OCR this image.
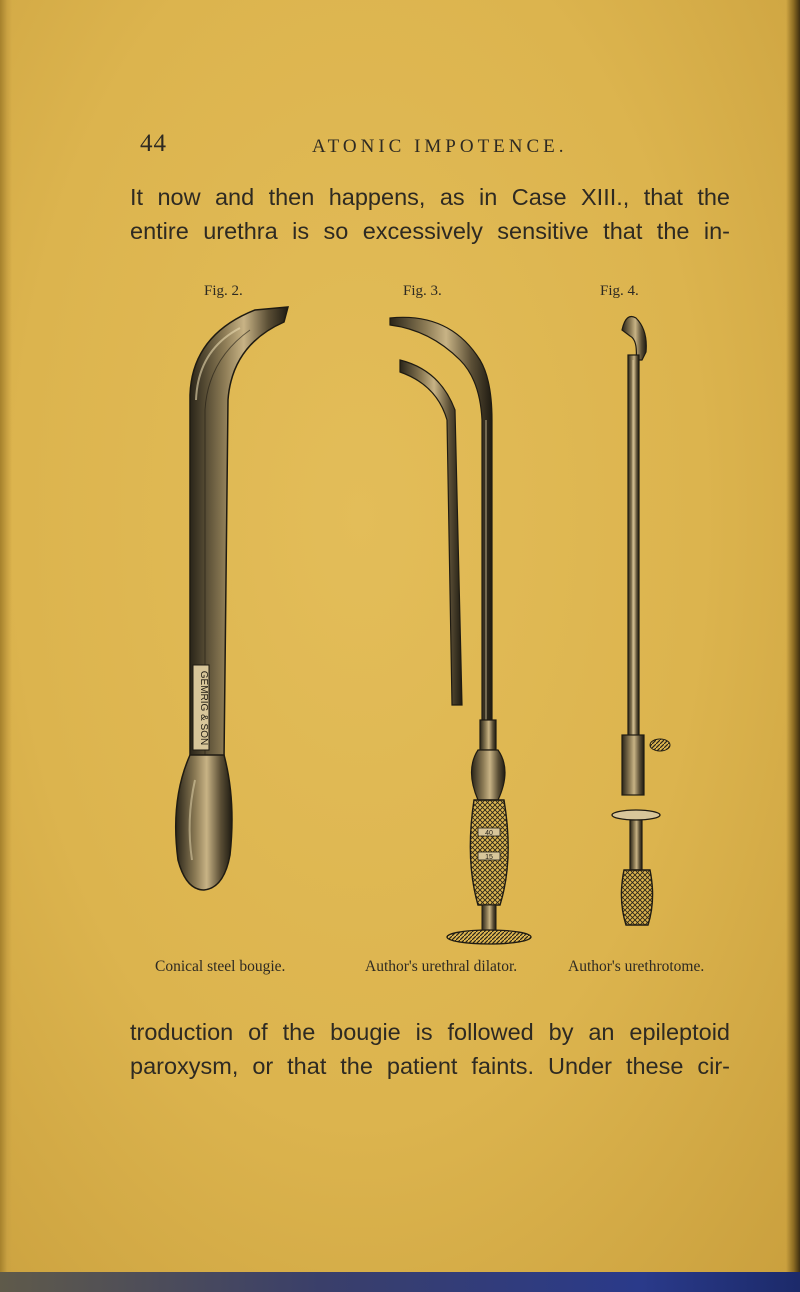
44	ATONIC IMPOTENCE.
It now and then happens, as in Case XIII., that the
entire urethra is so excessively sensitive that the in-
Fig. 2.	Fig. 3.	Fig. 4.
GEMRIG & SON
40
15
Conical steel bougie.	Author's urethral dilator.	Author's urethrotome.
troduction of the bougie is followed by an epileptoid
paroxysm, or that the patient faints. Under these cir-
